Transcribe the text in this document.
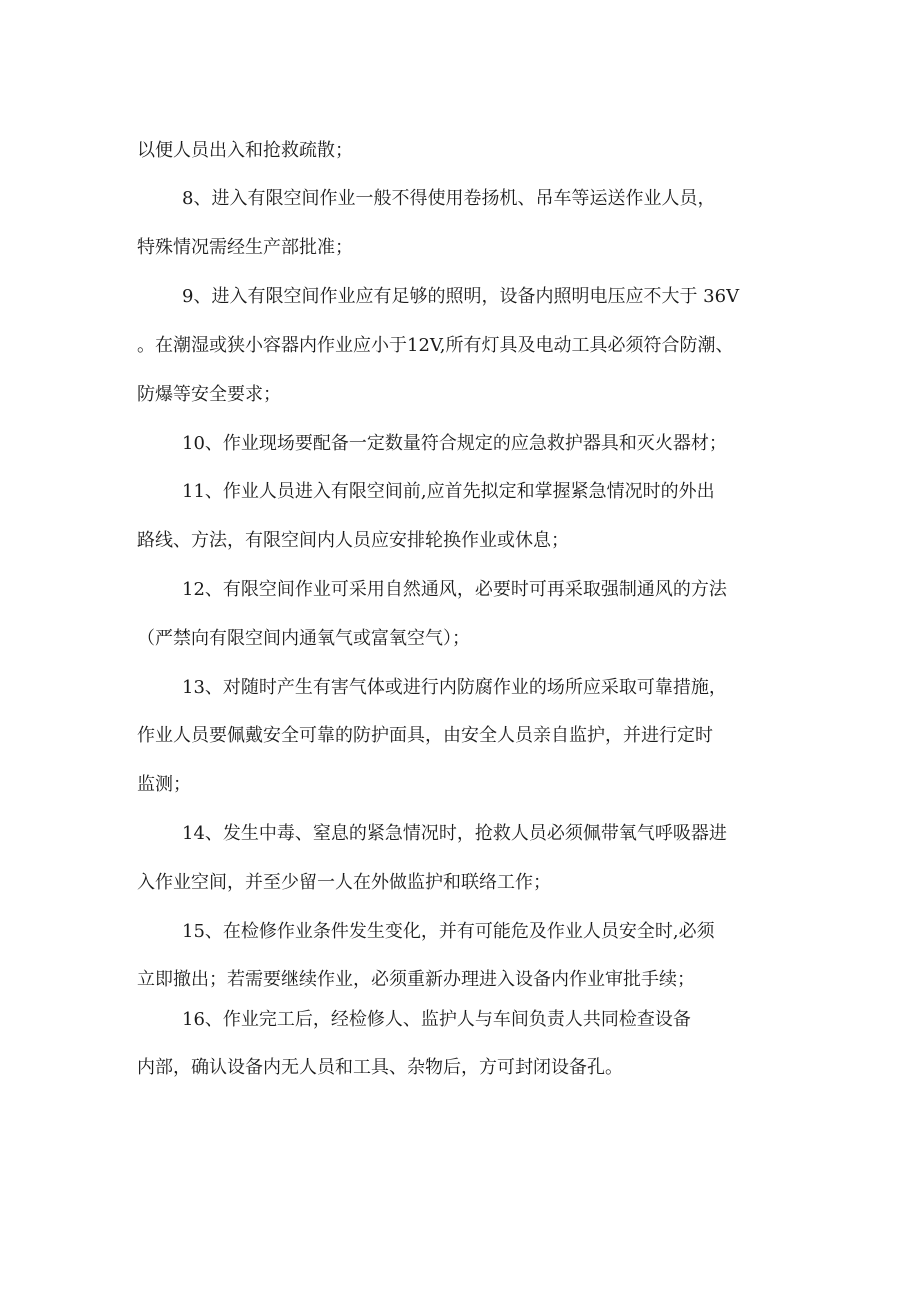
以便人员出入和抢救疏散；

8、进入有限空间作业一般不得使用卷扬机、吊车等运送作业人员，

特殊情况需经生产部批准；

9、进入有限空间作业应有足够的照明，设备内照明电压应不大于 36V

。在潮湿或狭小容器内作业应小于12V,所有灯具及电动工具必须符合防潮、

防爆等安全要求；

10、作业现场要配备一定数量符合规定的应急救护器具和灭火器材；

11、作业人员进入有限空间前,应首先拟定和掌握紧急情况时的外出

路线、方法，有限空间内人员应安排轮换作业或休息；

12、有限空间作业可采用自然通风，必要时可再采取强制通风的方法

（严禁向有限空间内通氧气或富氧空气）；

13、对随时产生有害气体或进行内防腐作业的场所应采取可靠措施，

作业人员要佩戴安全可靠的防护面具，由安全人员亲自监护，并进行定时

监测；

14、发生中毒、窒息的紧急情况时，抢救人员必须佩带氧气呼吸器进

入作业空间，并至少留一人在外做监护和联络工作；

15、在检修作业条件发生变化，并有可能危及作业人员安全时,必须

立即撤出；若需要继续作业，必须重新办理进入设备内作业审批手续；

16、作业完工后，经检修人、监护人与车间负责人共同检查设备

内部，确认设备内无人员和工具、杂物后，方可封闭设备孔。
